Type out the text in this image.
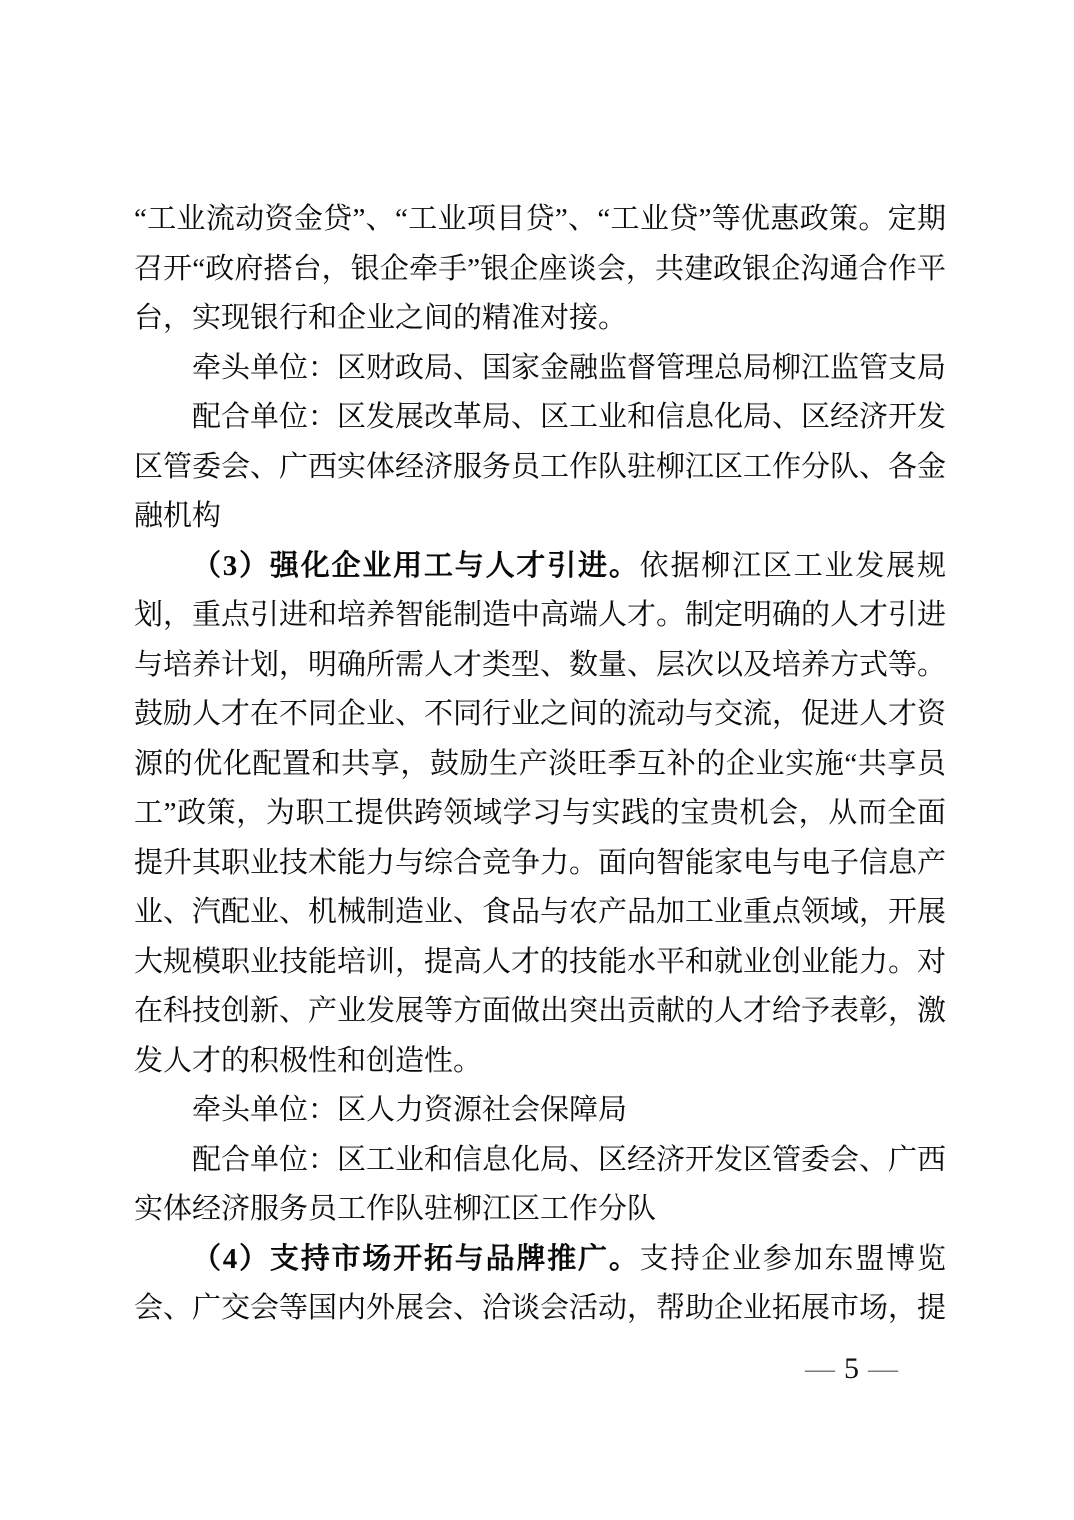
“工业流动资金贷”、“工业项目贷”、“工业贷”等优惠政策。定期召开“政府搭台，银企牵手”银企座谈会，共建政银企沟通合作平台，实现银行和企业之间的精准对接。

牵头单位：区财政局、国家金融监督管理总局柳江监管支局

配合单位：区发展改革局、区工业和信息化局、区经济开发区管委会、广西实体经济服务员工作队驻柳江区工作分队、各金融机构

（3）强化企业用工与人才引进。依据柳江区工业发展规划，重点引进和培养智能制造中高端人才。制定明确的人才引进与培养计划，明确所需人才类型、数量、层次以及培养方式等。鼓励人才在不同企业、不同行业之间的流动与交流，促进人才资源的优化配置和共享，鼓励生产淡旺季互补的企业实施“共享员工”政策，为职工提供跨领域学习与实践的宝贵机会，从而全面提升其职业技术能力与综合竞争力。面向智能家电与电子信息产业、汽配业、机械制造业、食品与农产品加工业重点领域，开展大规模职业技能培训，提高人才的技能水平和就业创业能力。对在科技创新、产业发展等方面做出突出贡献的人才给予表彰，激发人才的积极性和创造性。

牵头单位：区人力资源社会保障局

配合单位：区工业和信息化局、区经济开发区管委会、广西实体经济服务员工作队驻柳江区工作分队

（4）支持市场开拓与品牌推广。支持企业参加东盟博览会、广交会等国内外展会、洽谈会活动，帮助企业拓展市场，提

— 5 —
